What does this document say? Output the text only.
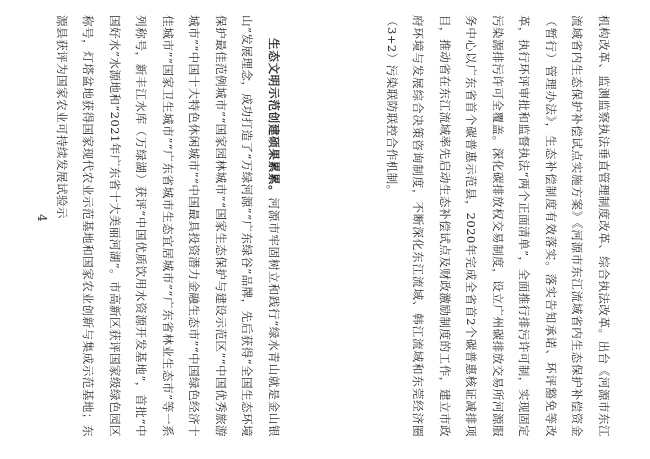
机构改革、监测监察执法垂直管理制度改革、综合执法改革。出台《河源市东江流域省内生态保护补偿试点实施方案》《河源市东江流域省内生态保护补偿资金（暂行）管理办法》，生态补偿制度有效落实。落实告知承诺、环评豁免等改革，执行环评审批和监督执法“两个正面清单”，全面推行排污许可制，实现固定污染源排污许可全覆盖。深化碳排放权交易制度，设立广州碳排放交易所河源服务中心以广东省首个碳普惠示范县，2020年完成全省首2个碳普惠核证减排项目，推动省在东江流域率先启动生态补偿试点及财政激励制度的工作，建立市政府环境与发展综合决策咨询制度，不断深化东江流域、韩江流域和东莞经济圈（3+2）污染联防联控合作机制。

生态文明示范创建硕果累累。河源市牢固树立和践行“绿水青山就是金山银山”发展理念，成功打造了“万绿河源”“广东绿谷”品牌，先后获得“全国生态环境保护最佳范例城市”“国家园林城市”“国家生态保护与建设示范区”“中国优秀旅游城市”“中国十大特色休闲城市”“中国最具投资潜力金融生态市”“中国绿色经济十佳城市”“国家卫生城市”“广东省城市生态宜居城市”“广东省林业生态市”等一系列称号，新丰江水库（万绿湖）获评“中国优质饮用水资源开发基地”，首批“中国好水”水源地和“2021年广东省十大美丽河湖”。市高新区获评国家级绿色园区称号，灯塔盆地获得国家现代农业示范基地和国家农业创新与集成示范基地；东源县获评为国家农业可持续发展试验示

4
